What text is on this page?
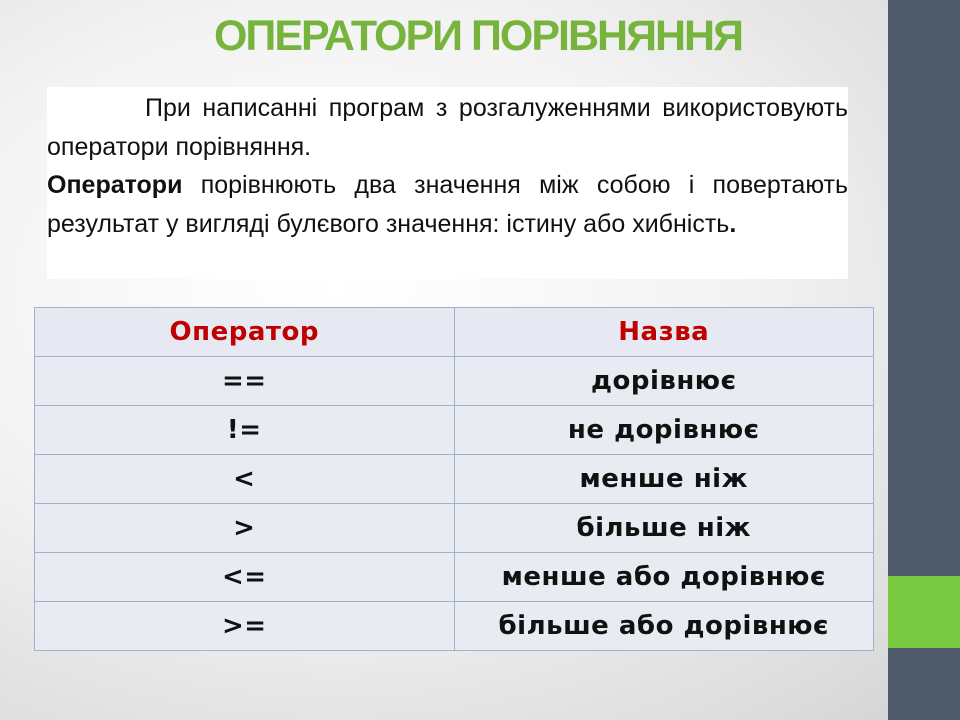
ОПЕРАТОРИ ПОРІВНЯННЯ

При написанні програм з розгалуженнями використовують оператори порівняння.

Оператори порівнюють два значення між собою і повертають результат у вигляді булєвого значення: істину або хибність.

Оператор	Назва
==	дорівнює
!=	не дорівнює
<	менше ніж
>	більше ніж
<=	менше або дорівнює
>=	більше або дорівнює
